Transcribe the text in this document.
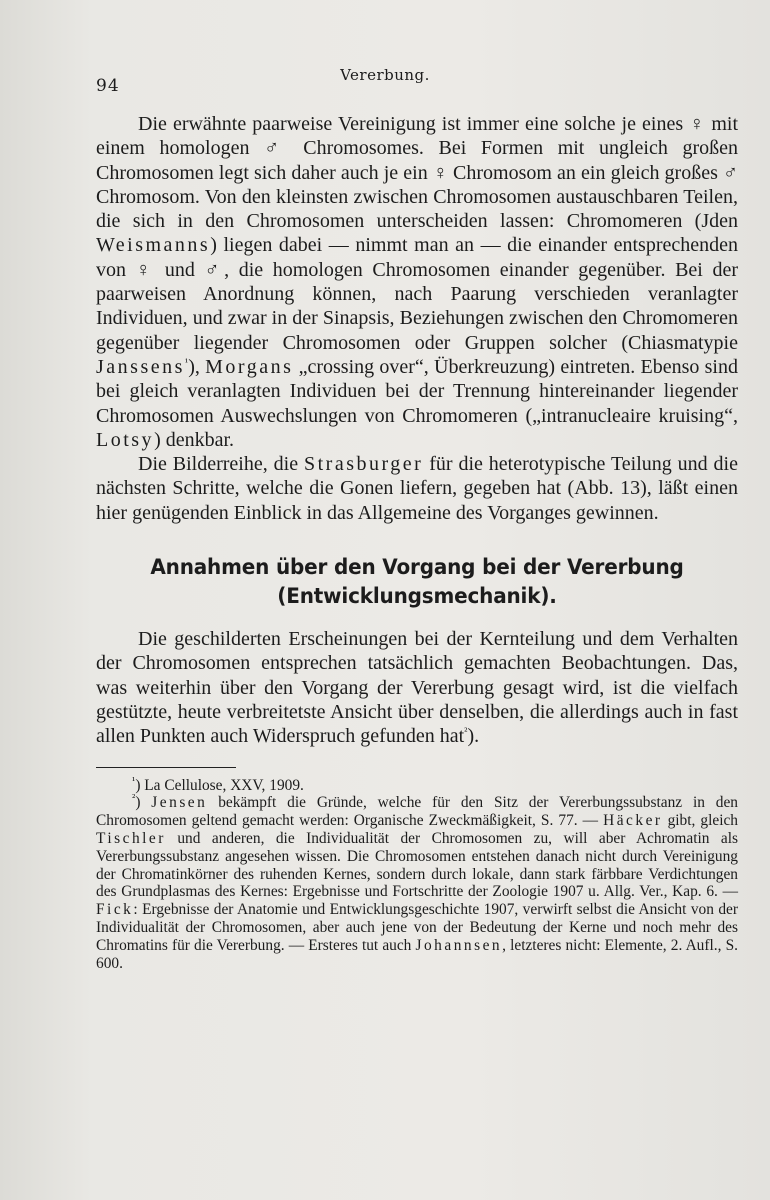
94
Vererbung.

Die erwähnte paarweise Vereinigung ist immer eine solche je eines ♀ mit einem homologen ♂ Chromosomes. Bei Formen mit ungleich großen Chromosomen legt sich daher auch je ein ♀ Chromosom an ein gleich großes ♂ Chromosom. Von den kleinsten zwischen Chromosomen austauschbaren Teilen, die sich in den Chromosomen unterscheiden lassen: Chromomeren (Jden Weismanns) liegen dabei — nimmt man an — die einander entsprechenden von ♀ und ♂, die homologen Chromosomen einander gegenüber. Bei der paarweisen Anordnung können, nach Paarung verschieden veranlagter Individuen, und zwar in der Sinapsis, Beziehungen zwischen den Chromomeren gegenüber liegender Chromosomen oder Gruppen solcher (Chiasmatypie Janssens$^{^1}$), Morgans „crossing over“, Überkreuzung) eintreten. Ebenso sind bei gleich veranlagten Individuen bei der Trennung hintereinander liegender Chromosomen Auswechslungen von Chromomeren („intranucleaire kruising“, Lotsy) denkbar.

Die Bilderreihe, die Strasburger für die heterotypische Teilung und die nächsten Schritte, welche die Gonen liefern, gegeben hat (Abb. 13), läßt einen hier genügenden Einblick in das Allgemeine des Vorganges gewinnen.

Annahmen über den Vorgang bei der Vererbung
(Entwicklungsmechanik).

Die geschilderten Erscheinungen bei der Kernteilung und dem Verhalten der Chromosomen entsprechen tatsächlich gemachten Beobachtungen. Das, was weiterhin über den Vorgang der Vererbung gesagt wird, ist die vielfach gestützte, heute verbreitetste Ansicht über denselben, die allerdings auch in fast allen Punkten auch Widerspruch gefunden hat$^{^2}$).

$^{^1}$) La Cellulose, XXV, 1909.

$^{^2}$) Jensen bekämpft die Gründe, welche für den Sitz der Vererbungssubstanz in den Chromosomen geltend gemacht werden: Organische Zweckmäßigkeit, S. 77. — Häcker gibt, gleich Tischler und anderen, die Individualität der Chromosomen zu, will aber Achromatin als Vererbungssubstanz angesehen wissen. Die Chromosomen entstehen danach nicht durch Vereinigung der Chromatinkörner des ruhenden Kernes, sondern durch lokale, dann stark färbbare Verdichtungen des Grundplasmas des Kernes: Ergebnisse und Fortschritte der Zoologie 1907 u. Allg. Ver., Kap. 6. — Fick: Ergebnisse der Anatomie und Entwicklungsgeschichte 1907, verwirft selbst die Ansicht von der Individualität der Chromosomen, aber auch jene von der Bedeutung der Kerne und noch mehr des Chromatins für die Vererbung. — Ersteres tut auch Johannsen, letzteres nicht: Elemente, 2. Aufl., S. 600.
